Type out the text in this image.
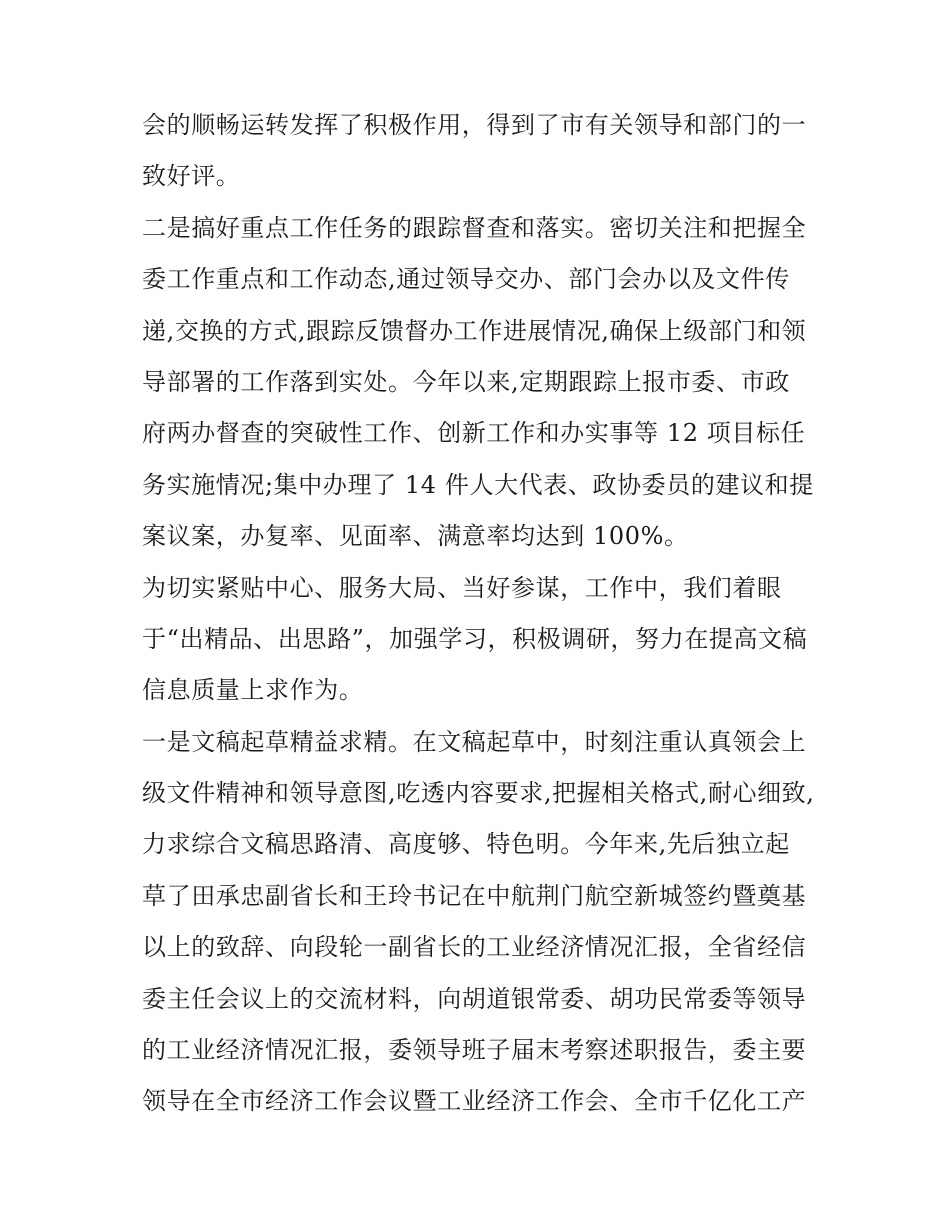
会的顺畅运转发挥了积极作用，得到了市有关领导和部门的一
致好评。
二是搞好重点工作任务的跟踪督查和落实。密切关注和把握全
委工作重点和工作动态,通过领导交办、部门会办以及文件传
递,交换的方式,跟踪反馈督办工作进展情况,确保上级部门和领
导部署的工作落到实处。今年以来,定期跟踪上报市委、市政
府两办督查的突破性工作、创新工作和办实事等 12 项目标任
务实施情况;集中办理了 14 件人大代表、政协委员的建议和提
案议案，办复率、见面率、满意率均达到 100%。
为切实紧贴中心、服务大局、当好参谋，工作中，我们着眼
于“出精品、出思路”，加强学习，积极调研，努力在提高文稿
信息质量上求作为。
一是文稿起草精益求精。在文稿起草中，时刻注重认真领会上
级文件精神和领导意图,吃透内容要求,把握相关格式,耐心细致,
力求综合文稿思路清、高度够、特色明。今年来,先后独立起
草了田承忠副省长和王玲书记在中航荆门航空新城签约暨奠基
以上的致辞、向段轮一副省长的工业经济情况汇报，全省经信
委主任会议上的交流材料，向胡道银常委、胡功民常委等领导
的工业经济情况汇报，委领导班子届末考察述职报告，委主要
领导在全市经济工作会议暨工业经济工作会、全市千亿化工产
